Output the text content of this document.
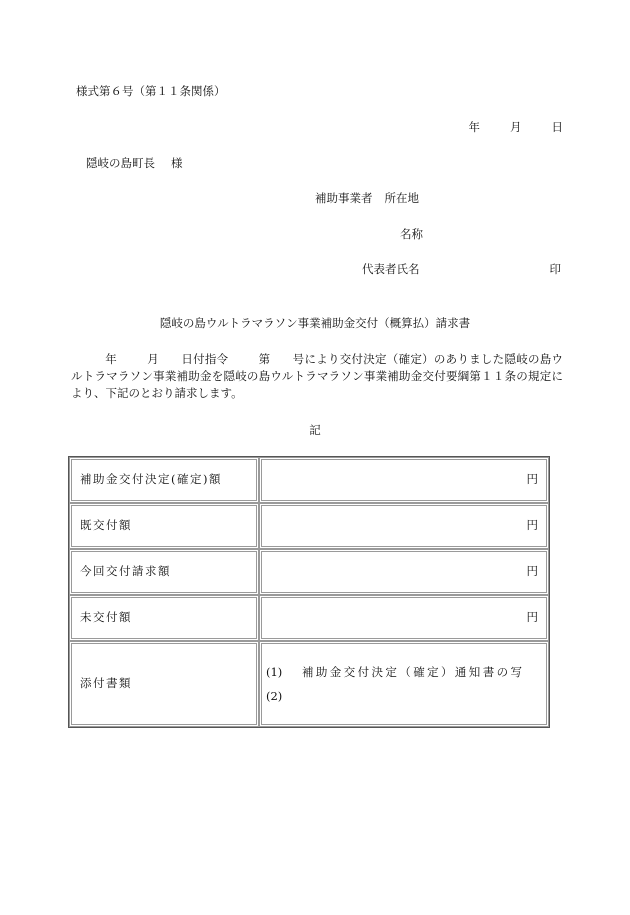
様式第６号（第１１条関係）
年	月	日
隠岐の島町長 様
補助事業者 所在地
名称
代表者氏名	印
隠岐の島ウルトラマラソン事業補助金交付（概算払）請求書
年	月 日付指令	第 号により交付決定（確定）のありました隠岐の島ウルトラマラソン事業補助金を隠岐の島ウルトラマラソン事業補助金交付要綱第１１条の規定により、下記のとおり請求します。
記
補助金交付決定(確定)額	円
既交付額	円
今回交付請求額	円
未交付額	円
添付書類	(1) 補助金交付決定（確定）通知書の写
(2)
